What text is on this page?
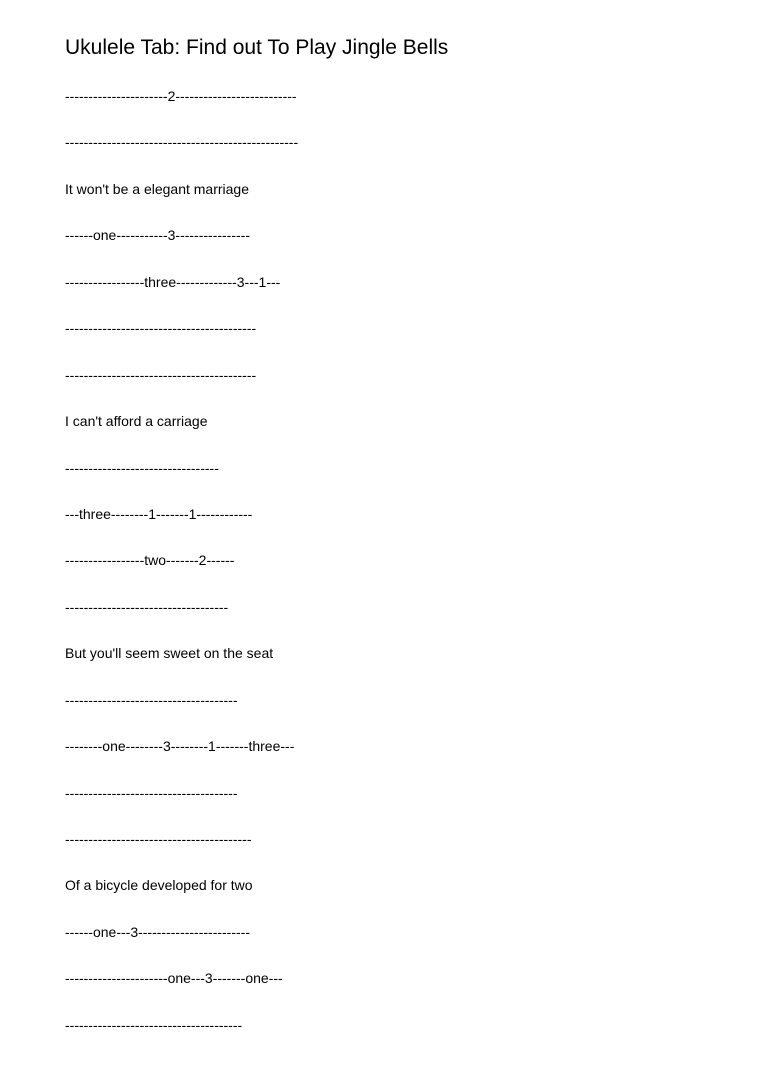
Ukulele Tab: Find out To Play Jingle Bells
----------------------2--------------------------
--------------------------------------------------
It won't be a elegant marriage
------one-----------3----------------
-----------------three-------------3---1---
-----------------------------------------
-----------------------------------------
I can't afford a carriage
---------------------------------
---three--------1-------1------------
-----------------two-------2------
-----------------------------------
But you'll seem sweet on the seat
-------------------------------------
--------one--------3--------1-------three---
-------------------------------------
----------------------------------------
Of a bicycle developed for two
------one---3------------------------
----------------------one---3-------one---
--------------------------------------
